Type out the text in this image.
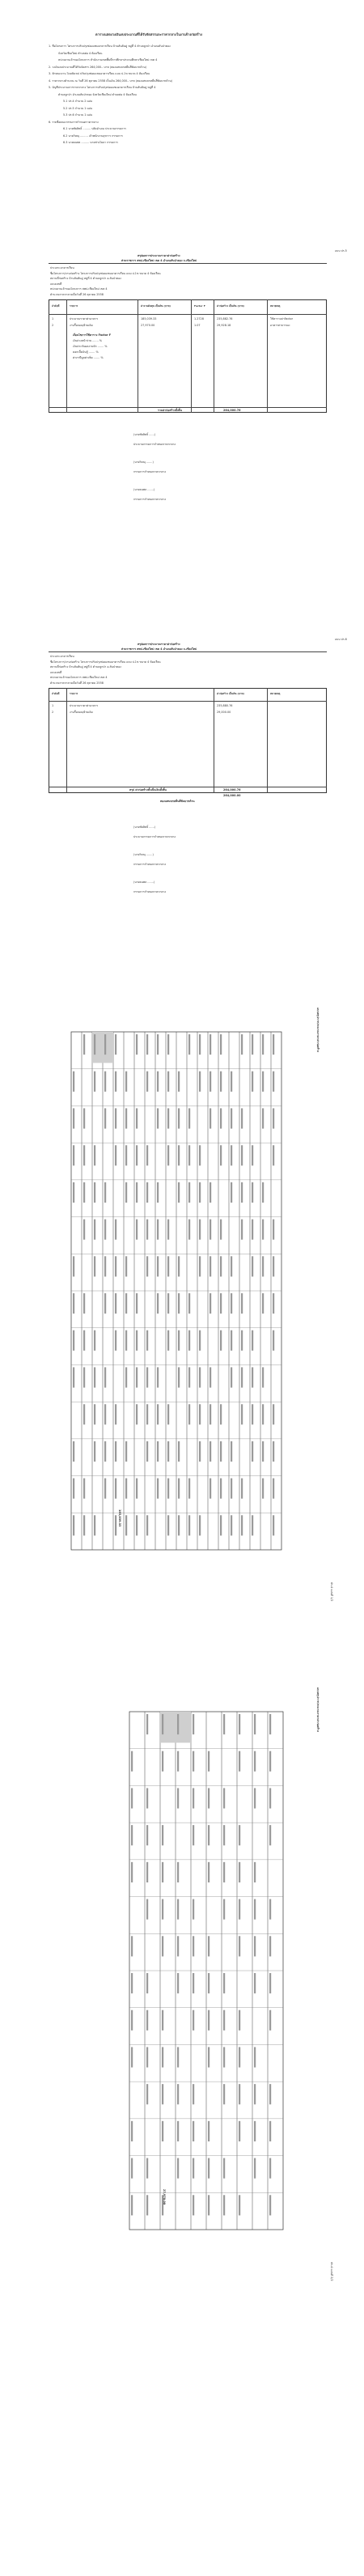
ตารางแสดงวงเงินงบประมาณที่ได้รับจัดสรรและราคากลางในงานจ้างก่อสร้าง
1. ชื่อโครงการ โครงการปรับปรุงซ่อมแซมอาคารเรียน บ้านสันต้นดู่ หมู่ที่ 4 ตำบลลูกป่า อำเภอสันป่าตอง
จังหวัดเชียงใหม่ ตำบลต่อ 4 ห้องเรียน
หน่วยงานเจ้าของโครงการ สำนักงานเขตพื้นที่การศึกษาประถมศึกษาเชียงใหม่ เขต 4
2. วงเงินงบประมาณที่ได้รับจัดสรร 264,000.- บาท (สองแสนหกหมื่นสี่พันบาทถ้วน)
3. ลักษณะงาน โดยสังเขป ปรับปรุงซ่อมแซมอาคารเรียน แบบ ป.1ข ขนาด 4 ห้องเรียน
4. ราคากลางคำนวณ ณ วันที่ 26 ตุลาคม 2558 เป็นเงิน 264,000.- บาท (สองแสนหกหมื่นสี่พันบาทถ้วน)
5. บัญชีประมาณการราคากลาง โครงการปรับปรุงซ่อมแซมอาคารเรียน บ้านสันต้นดู่ หมู่ที่ 4
ตำบลลูกป่า อำเภอสันป่าตอง จังหวัดเชียงใหม่ ตำบลต่อ 4 ห้องเรียน
5.1 ปร.4 จำนวน 2 แผ่น
5.2 ปร.5 จำนวน 1 แผ่น
5.3 ปร.6 จำนวน 1 แผ่น
6. รายชื่อคณะกรรมการกำหนดราคากลาง
6.1 นายชัยสิทธิ์ ......... ปลัดอำเภอ ประธานกรรมการ
6.2 นายวิษณุ ......... เจ้าพนักงานธุรการ กรรมการ
6.3 นายธนพล ......... นายช่างโยธา กรรมการ
แบบ ปร.5
สรุปผลการประมาณราคาค่าก่อสร้าง
ส่วนราชการ สพป.เชียงใหม่ เขต 4 อำเภอสันป่าตอง จ.เชียงใหม่
ประเภท อาคารเรียน
ชื่อโครงการ/งานก่อสร้าง โครงการปรับปรุงซ่อมแซมอาคารเรียน แบบ ป.1ข ขนาด 4 ห้องเรียน
สถานที่ก่อสร้าง บ้านสันต้นดู่ หมู่ที่ 4 ตำบลลูกป่า อ.สันป่าตอง
แบบเลขที่
หน่วยงานเจ้าของโครงการ สพป.เชียงใหม่ เขต 4
คำนวณราคากลางเมื่อวันที่ 26 ตุลาคม 2558
ลำดับที่	รายการ	ค่างานต้นทุน เป็นเงิน (บาท)	Factor F	ค่าก่อสร้าง เป็นเงิน (บาท)	หมายเหตุ
1	ประมาณราคาค่าอาคาร	185,039.33	1.2728	235,882.76	ใช้ตารางค่าFactor
2	งานรื้อถอน/ย้ายเดิม	27,970.00	1.07	29,928.18	อาคารสาธารณะ
เงื่อนไขการใช้ตาราง Factor F
เงินล่วงหน้าจ่าย ....... %
เงินประกันผลงานหัก ....... %
ดอกเบี้ยเงินกู้ ....... %
ค่าภาษีมูลค่าเพิ่ม ....... %
รวมค่าก่อสร้างทั้งสิ้น	264,000.76
(นายชัยสิทธิ์ ......)
ประธานกรรมการกำหนดราคากลาง
(นายวิษณุ .......)
กรรมการกำหนดราคากลาง
(นายธนพล .......)
กรรมการกำหนดราคากลาง
แบบ ปร.6
สรุปผลการประมาณราคาค่าก่อสร้าง
ส่วนราชการ สพป.เชียงใหม่ เขต 4 อำเภอสันป่าตอง จ.เชียงใหม่
ประเภท อาคารเรียน
ชื่อโครงการ/งานก่อสร้าง โครงการปรับปรุงซ่อมแซมอาคารเรียน แบบ ป.1ข ขนาด 4 ห้องเรียน
สถานที่ก่อสร้าง บ้านสันต้นดู่ หมู่ที่ 4 ตำบลลูกป่า อ.สันป่าตอง
แบบเลขที่
หน่วยงานเจ้าของโครงการ สพป.เชียงใหม่ เขต 4
คำนวณราคากลางเมื่อวันที่ 26 ตุลาคม 2558
ลำดับที่	รายการ	ค่าก่อสร้าง เป็นเงิน (บาท)	หมายเหตุ
1	ประมาณราคาค่าอาคาร	235,880.76
2	งานรื้อถอน/ย้ายเดิม	29,000.00
สรุป ค่าก่อสร้างทั้งเป็นเงินทั้งสิ้น	264,000.76
264,000.00
สองแสนหกหมื่นสี่พันบาทถ้วน
(นายชัยสิทธิ์ ......)
ประธานกรรมการกำหนดราคากลาง
(นายวิษณุ .......)
กรรมการกำหนดราคากลาง
(นายธนพล .......)
กรรมการกำหนดราคากลาง
ปร.4 แผ่นที่ 1/2
แบบสรุปการประมาณราคาค่าก่อสร้าง
185,039.33
ปร.4 แผ่นที่ 2/2
แบบสรุปการประมาณราคาค่าก่อสร้าง
27,970.00
